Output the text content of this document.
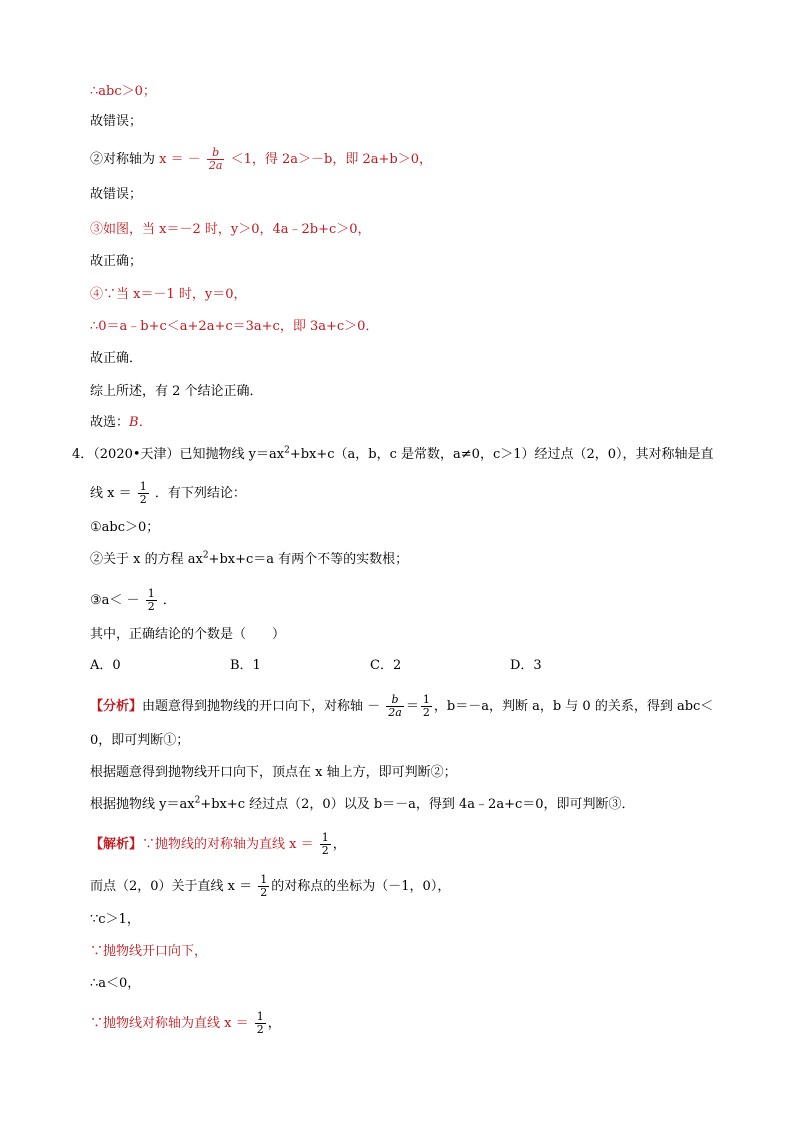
∴abc＞0；
故错误；
②对称轴为 x ＝ － $\frac{b}{2a} <1$，得 2a＞－b，即 2a+b＞0，
故错误；
③如图，当 x＝－2 时，y＞0，4a﹣2b+c＞0，
故正确；
④∵当 x＝－1 时，y＝0，
∴0＝a﹣b+c＜a+2a+c＝3a+c，即 3a+c＞0．
故正确．
综上所述，有 2 个结论正确．
故选：B．
4．（2020•天津）已知抛物线 $y=ax^2+bx+c(a$，b，c 是常数，a≠0，c＞1）经过点（2，0），其对称轴是直
线 $x = \frac{1}{2}$ ．有下列结论：
①abc＞0；
②关于 x 的方程 $ax^2+bx+c=a$ 有两个不等的实数根；
③a＜ － $\frac{1}{2}$ ．
其中，正确结论的个数是（　　）
A．0	B．1	C．2	D．3
【分析】由题意得到抛物线的开口向下，对称轴 － $\frac{b}{2a} = \frac{1}{2}$ ，b＝－a，判断 a，b 与 0 的关系，得到 abc＜
0，即可判断①；
根据题意得到抛物线开口向下，顶点在 x 轴上方，即可判断②；
根据抛物线 $y=ax^2+bx+c$ 经过点（2，0）以及 b＝－a，得到 4a﹣2a+c＝0，即可判断③．
【解析】∵抛物线的对称轴为直线 $x = \frac{1}{2}$ ，
而点（2，0）关于直线 $x = \frac{1}{2}$ 的对称点的坐标为（－1，0），
∵c＞1，
∵抛物线开口向下，
∴a＜0，
∵抛物线对称轴为直线 $x = \frac{1}{2}$ ，
